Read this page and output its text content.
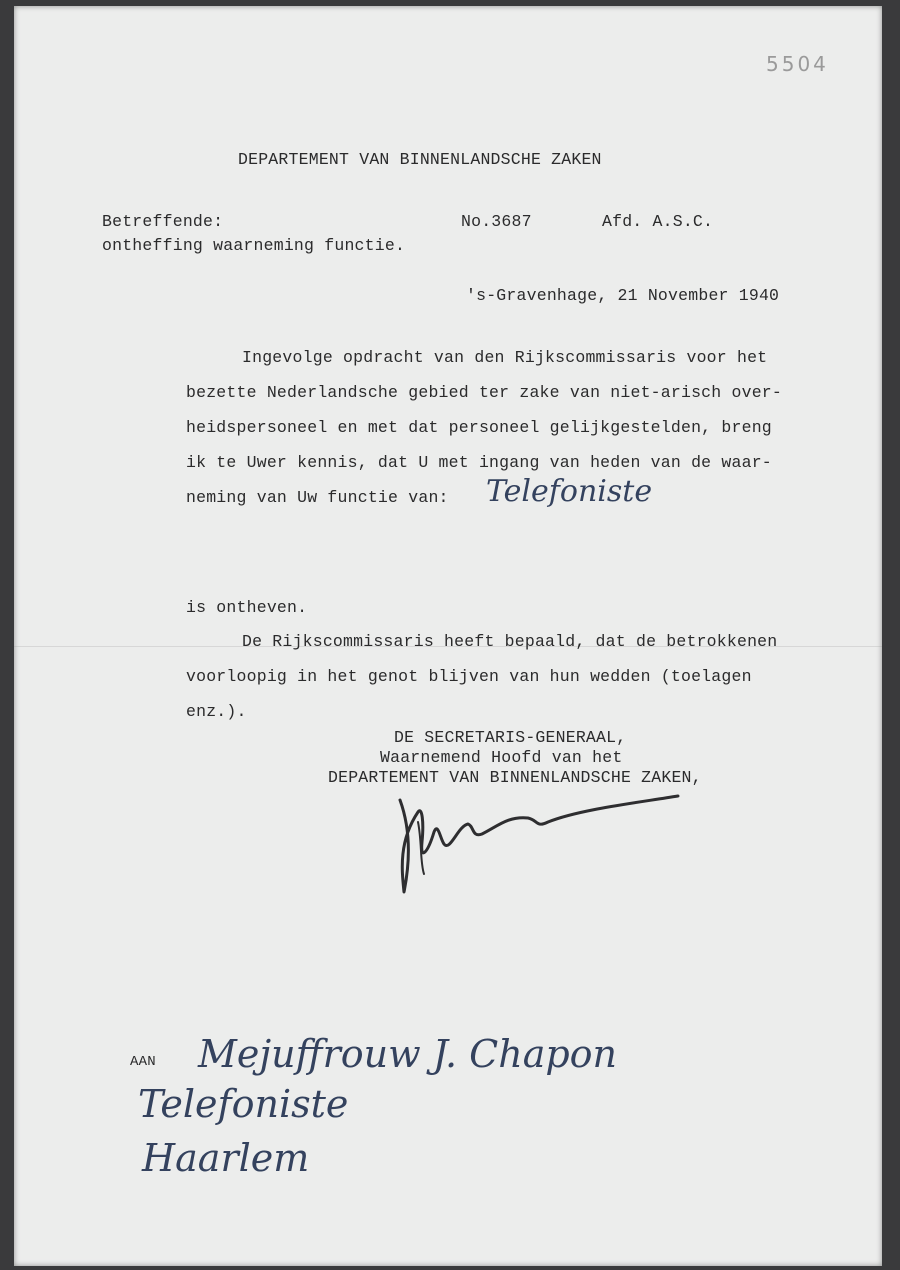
5504
DEPARTEMENT VAN BINNENLANDSCHE ZAKEN
Betreffende:
ontheffing waarneming functie.
No.3687	Afd. A.S.C.
's-Gravenhage, 21 November 1940
Ingevolge opdracht van den Rijkscommissaris voor het
bezette Nederlandsche gebied ter zake van niet-arisch over-
heidspersoneel en met dat personeel gelijkgestelden, breng
ik te Uwer kennis, dat U met ingang van heden van de waar-
neming van Uw functie van: Telefoniste
is ontheven.
De Rijkscommissaris heeft bepaald, dat de betrokkenen
voorloopig in het genot blijven van hun wedden (toelagen
enz.).
DE SECRETARIS-GENERAAL,
Waarnemend Hoofd van het
DEPARTEMENT VAN BINNENLANDSCHE ZAKEN,
AAN Mejuffrouw J. Chapon
Telefoniste
Haarlem
